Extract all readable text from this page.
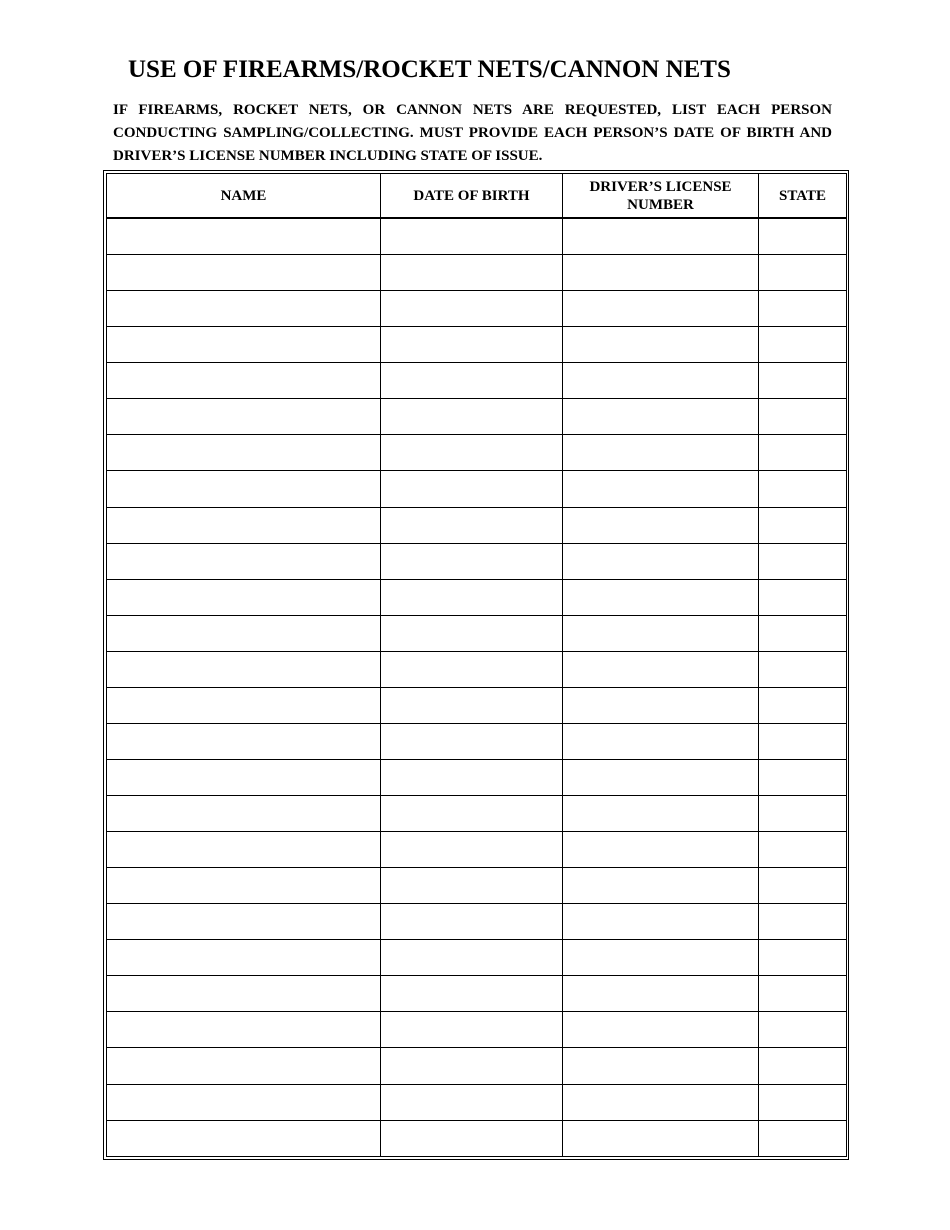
USE OF FIREARMS/ROCKET NETS/CANNON NETS

IF FIREARMS, ROCKET NETS, OR CANNON NETS ARE REQUESTED, LIST EACH PERSON CONDUCTING SAMPLING/COLLECTING. MUST PROVIDE EACH PERSON’S DATE OF BIRTH AND DRIVER’S LICENSE NUMBER INCLUDING STATE OF ISSUE.

NAME	DATE OF BIRTH	DRIVER’S LICENSE NUMBER	STATE
